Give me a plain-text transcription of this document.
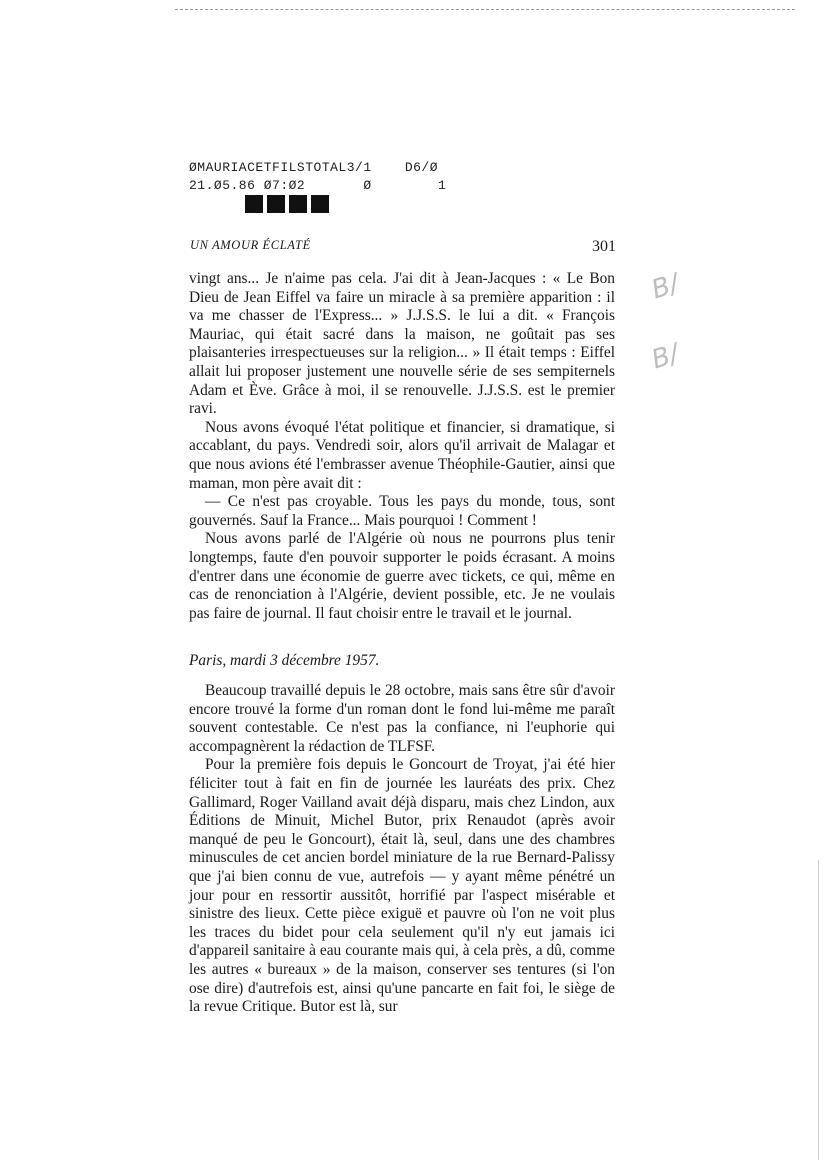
ØMAURIACETFILSTOTAL3/1    D6/Ø
21.Ø5.86 Ø7:Ø2       Ø        1
UN AMOUR ÉCLATÉ	301
B/
B/

vingt ans... Je n'aime pas cela. J'ai dit à Jean-Jacques : « Le Bon Dieu de Jean Eiffel va faire un miracle à sa première apparition : il va me chasser de l'Express... » J.J.S.S. le lui a dit. « François Mauriac, qui était sacré dans la maison, ne goûtait pas ses plaisanteries irrespectueuses sur la religion... » Il était temps : Eiffel allait lui proposer justement une nouvelle série de ses sempiternels Adam et Ève. Grâce à moi, il se renouvelle. J.J.S.S. est le premier ravi.

Nous avons évoqué l'état politique et financier, si dramatique, si accablant, du pays. Vendredi soir, alors qu'il arrivait de Malagar et que nous avions été l'embrasser avenue Théophile-Gautier, ainsi que maman, mon père avait dit :

— Ce n'est pas croyable. Tous les pays du monde, tous, sont gouvernés. Sauf la France... Mais pourquoi ! Comment !

Nous avons parlé de l'Algérie où nous ne pourrons plus tenir longtemps, faute d'en pouvoir supporter le poids écrasant. A moins d'entrer dans une économie de guerre avec tickets, ce qui, même en cas de renonciation à l'Algérie, devient possible, etc. Je ne voulais pas faire de journal. Il faut choisir entre le travail et le journal.

Paris, mardi 3 décembre 1957.

Beaucoup travaillé depuis le 28 octobre, mais sans être sûr d'avoir encore trouvé la forme d'un roman dont le fond lui-même me paraît souvent contestable. Ce n'est pas la confiance, ni l'euphorie qui accompagnèrent la rédaction de TLFSF.

Pour la première fois depuis le Goncourt de Troyat, j'ai été hier féliciter tout à fait en fin de journée les lauréats des prix. Chez Gallimard, Roger Vailland avait déjà disparu, mais chez Lindon, aux Éditions de Minuit, Michel Butor, prix Renaudot (après avoir manqué de peu le Goncourt), était là, seul, dans une des chambres minuscules de cet ancien bordel miniature de la rue Bernard-Palissy que j'ai bien connu de vue, autrefois — y ayant même pénétré un jour pour en ressortir aussitôt, horrifié par l'aspect misérable et sinistre des lieux. Cette pièce exiguë et pauvre où l'on ne voit plus les traces du bidet pour cela seulement qu'il n'y eut jamais ici d'appareil sanitaire à eau courante mais qui, à cela près, a dû, comme les autres « bureaux » de la maison, conserver ses tentures (si l'on ose dire) d'autrefois est, ainsi qu'une pancarte en fait foi, le siège de la revue Critique. Butor est là, sur
